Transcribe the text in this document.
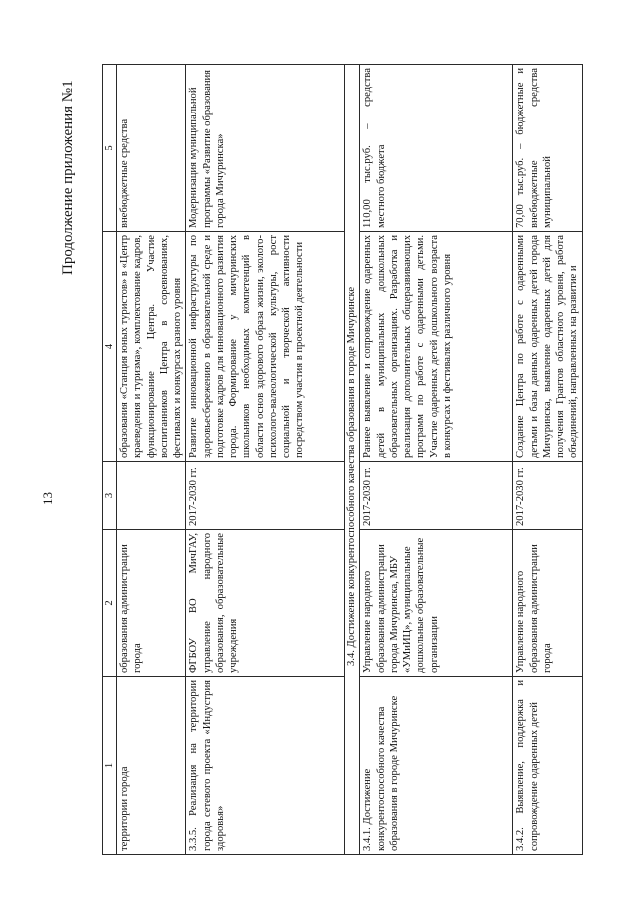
13
Продолжение приложения №1
1	2	3	4	5
территории города	образования администрации города		образования «Станция юных туристов» в «Центр краеведения и туризма», комплектование кадров, функционирование Центра. Участие воспитанников Центра в соревнованиях, фестивалях и конкурсах разного уровня	внебюджетные средства
3.3.5. Реализация на территории города сетевого проекта «Индустрия здоровья»	ФГБОУ ВО МичГАУ, управление народного образования, образовательные учреждения	2017-2030 гг.	Развитие инновационной инфраструктуры по здоровьесбережению в образовательной среде и подготовке кадров для инновационного развития города. Формирование у мичуринских школьников необходимых компетенций в области основ здорового образа жизни, эколого-психолого-валеологической культуры, рост социальной и творческой активности посредством участия в проектной деятельности	Модернизация муниципальной программы «Развитие образования города Мичуринска»
3.4. Достижение конкурентоспособного качества образования в городе Мичуринске				
3.4.1. Достижение конкурентоспособного качества образования в городе Мичуринске	Управление народного образования администрации города Мичуринска, МБУ «УМиИЦ», муниципальные дошкольные образовательные организации	2017-2030 гг.	Раннее выявление и сопровождение одаренных детей в муниципальных дошкольных образовательных организациях. Разработка и реализация дополнительных общеразвивающих программ по работе с одаренными детьми. Участие одаренных детей дошкольного возраста в конкурсах и фестивалях различного уровня	110,00 тыс.руб. – средства местного бюджета
3.4.2. Выявление, поддержка и сопровождение одаренных детей	Управление народного образования администрации города	2017-2030 гг.	Создание Центра по работе с одаренными детьми и базы данных одаренных детей города Мичуринска, выявление одаренных детей для получения Грантов областного уровня, работа объединений, направленных на развитие и	70,00 тыс.руб. – бюджетные и внебюджетные средства муниципальной
